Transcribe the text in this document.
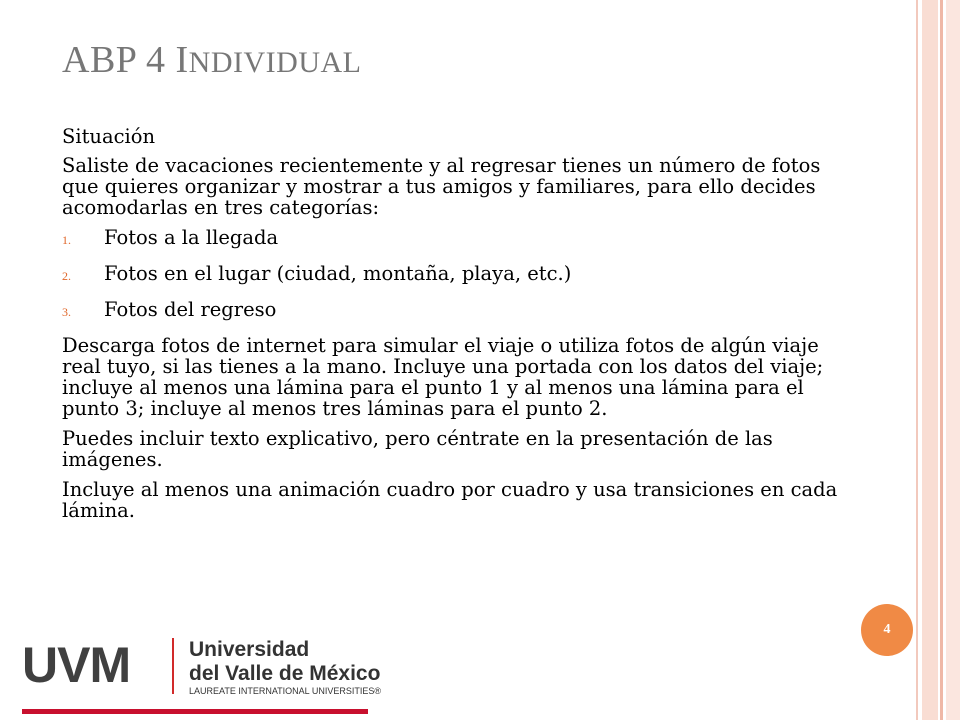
ABP 4 INDIVIDUAL

Situación

Saliste de vacaciones recientemente y al regresar tienes un número de fotos que quieres organizar y mostrar a tus amigos y familiares, para ello decides acomodarlas en tres categorías:

1.	Fotos a la llegada
2.	Fotos en el lugar (ciudad, montaña, playa, etc.)
3.	Fotos del regreso

Descarga fotos de internet para simular el viaje o utiliza fotos de algún viaje real tuyo, si las tienes a la mano. Incluye una portada con los datos del viaje; incluye al menos una lámina para el punto 1 y al menos una lámina para el punto 3; incluye al menos tres láminas para el punto 2.

Puedes incluir texto explicativo, pero céntrate en la presentación de las imágenes.

Incluye al menos una animación cuadro por cuadro y usa transiciones en cada lámina.

4
UVM	Universidad
del Valle de México
LAUREATE INTERNATIONAL UNIVERSITIES®
